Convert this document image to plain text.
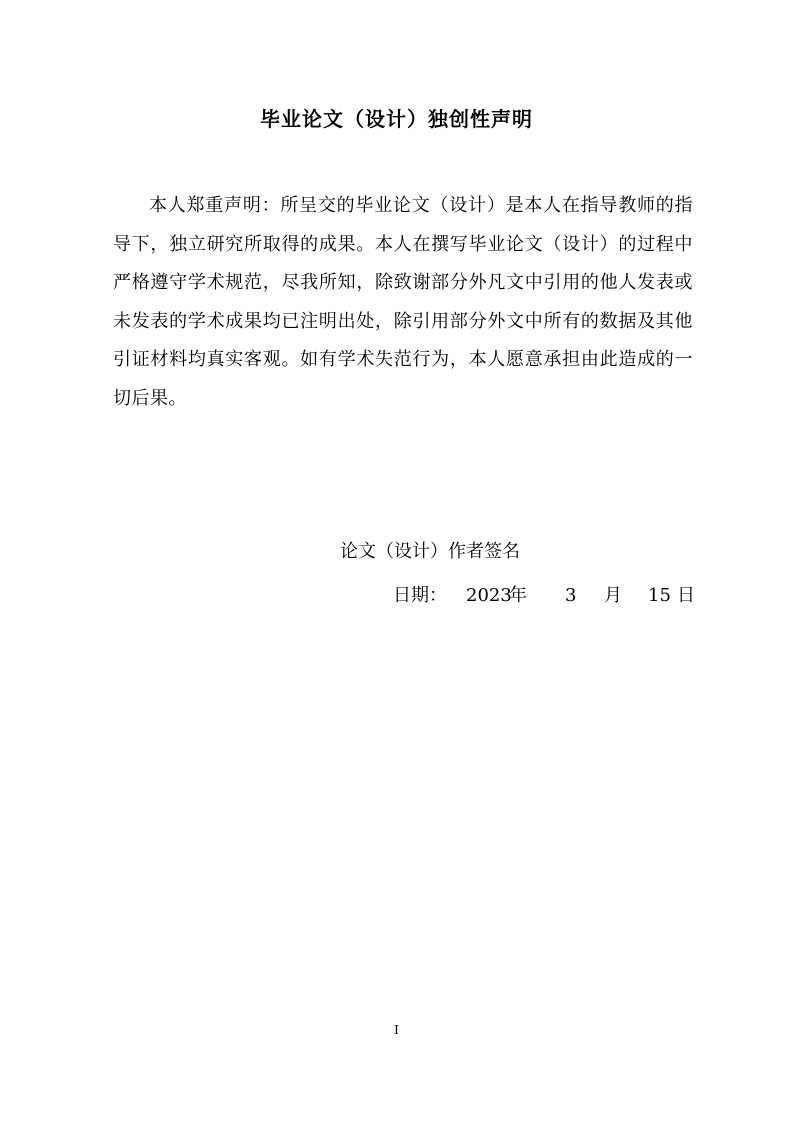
毕业论文（设计）独创性声明
本人郑重声明：所呈交的毕业论文（设计）是本人在指导教师的指导下，独立研究所取得的成果。本人在撰写毕业论文（设计）的过程中严格遵守学术规范，尽我所知，除致谢部分外凡文中引用的他人发表或未发表的学术成果均已注明出处，除引用部分外文中所有的数据及其他引证材料均真实客观。如有学术失范行为，本人愿意承担由此造成的一切后果。
论文（设计）作者签名
日期： 2023
年 3 月 15 日
I
